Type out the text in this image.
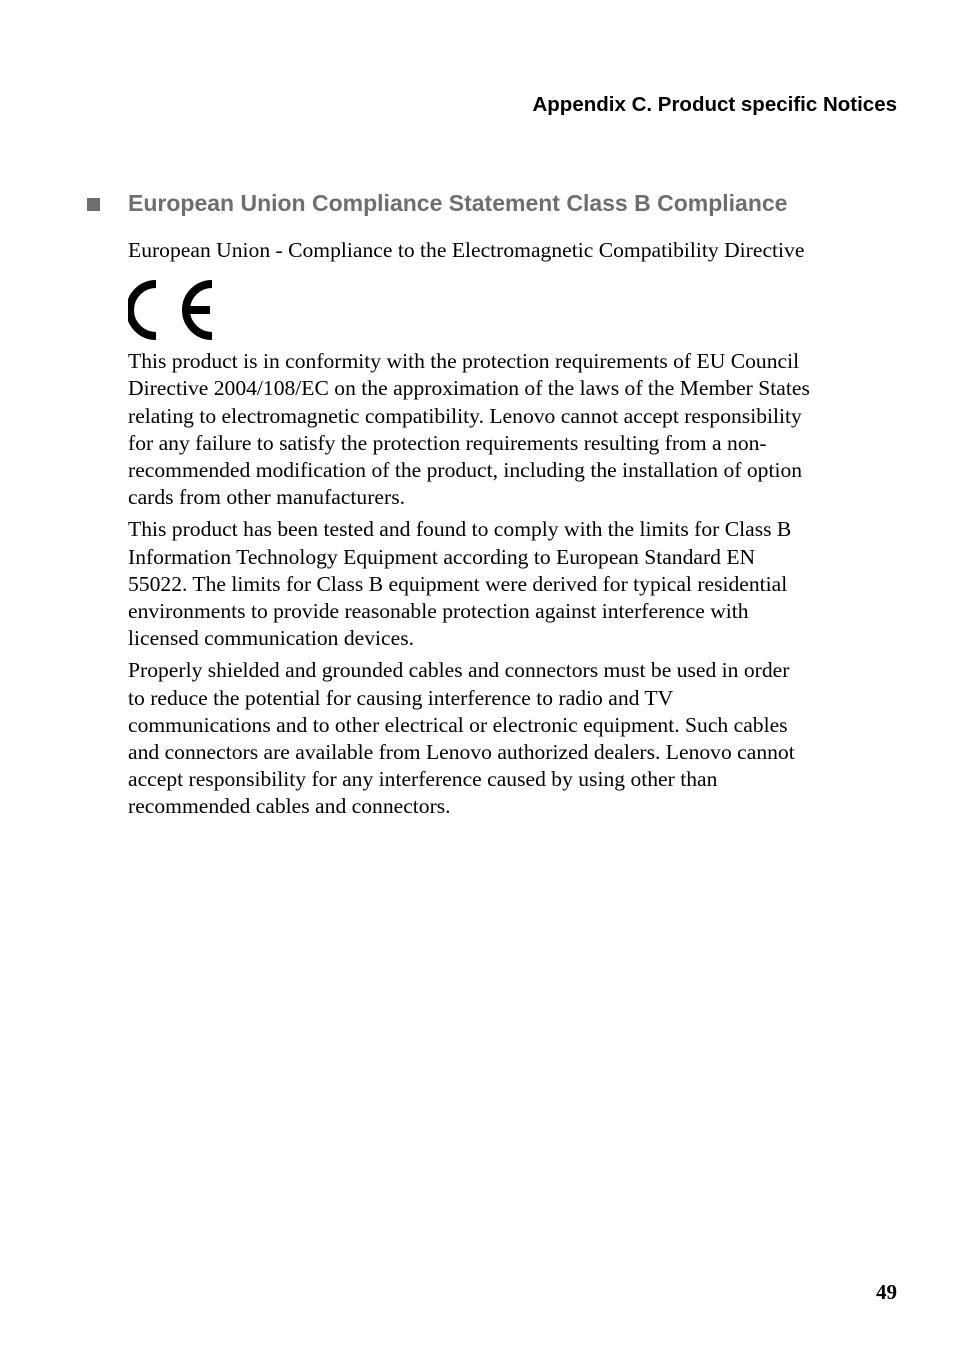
Appendix C. Product specific Notices
European Union Compliance Statement Class B Compliance

European Union - Compliance to the Electromagnetic Compatibility Directive

This product is in conformity with the protection requirements of EU Council
Directive 2004/108/EC on the approximation of the laws of the Member States
relating to electromagnetic compatibility. Lenovo cannot accept responsibility
for any failure to satisfy the protection requirements resulting from a non-
recommended modification of the product, including the installation of option
cards from other manufacturers.
This product has been tested and found to comply with the limits for Class B
Information Technology Equipment according to European Standard EN
55022. The limits for Class B equipment were derived for typical residential
environments to provide reasonable protection against interference with
licensed communication devices.
Properly shielded and grounded cables and connectors must be used in order
to reduce the potential for causing interference to radio and TV
communications and to other electrical or electronic equipment. Such cables
and connectors are available from Lenovo authorized dealers. Lenovo cannot
accept responsibility for any interference caused by using other than
recommended cables and connectors.
49
